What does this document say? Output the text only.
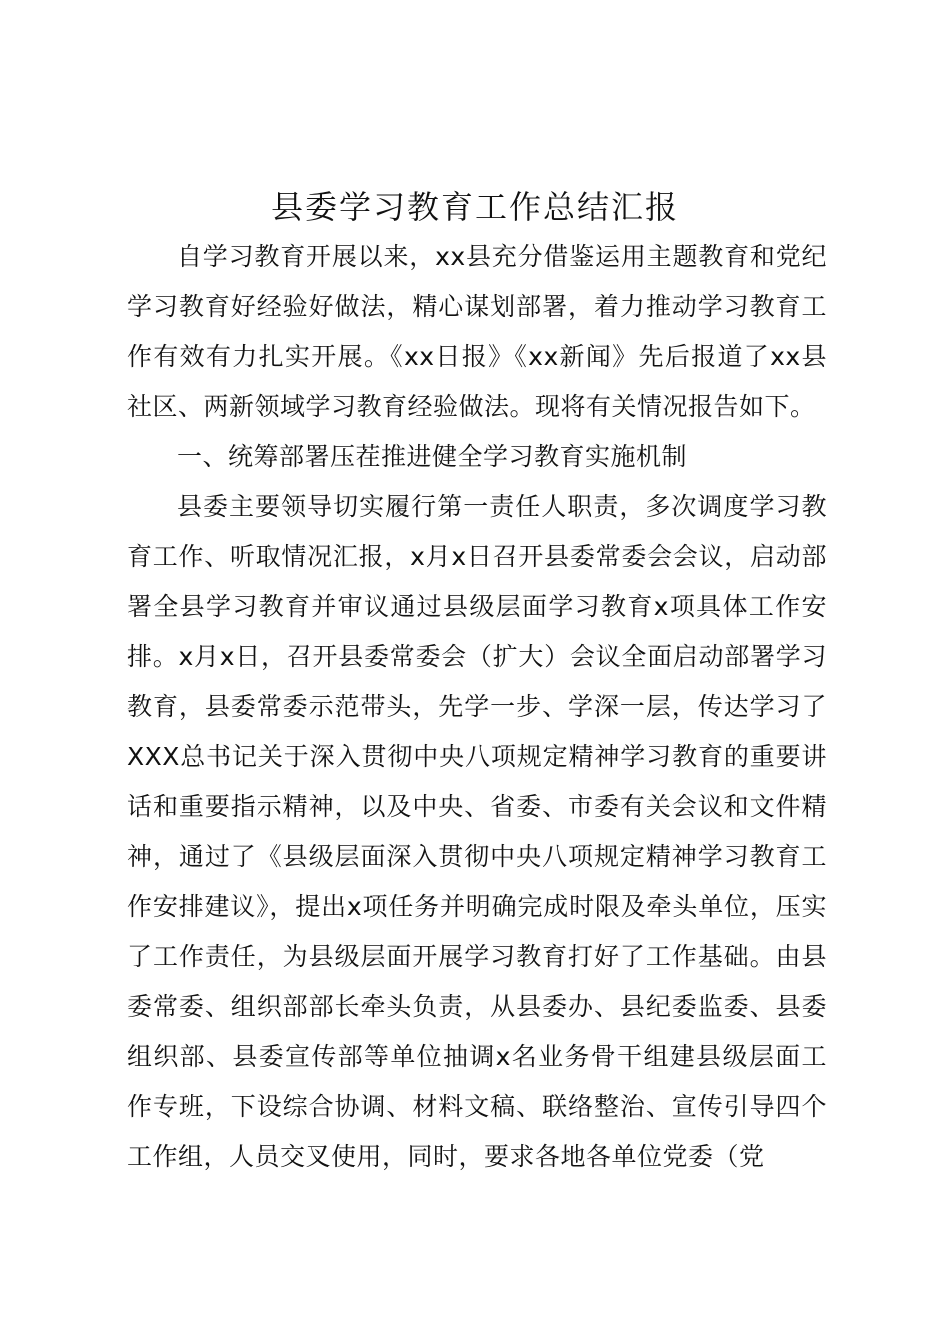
县委学习教育工作总结汇报

自学习教育开展以来，xx县充分借鉴运用主题教育和党纪学习教育好经验好做法，精心谋划部署，着力推动学习教育工作有效有力扎实开展。《xx日报》《xx新闻》先后报道了xx县社区、两新领域学习教育经验做法。现将有关情况报告如下。

一、统筹部署压茬推进健全学习教育实施机制

县委主要领导切实履行第一责任人职责，多次调度学习教育工作、听取情况汇报，x月x日召开县委常委会会议，启动部署全县学习教育并审议通过县级层面学习教育x项具体工作安排。x月x日，召开县委常委会（扩大）会议全面启动部署学习教育，县委常委示范带头，先学一步、学深一层，传达学习了XXX总书记关于深入贯彻中央八项规定精神学习教育的重要讲话和重要指示精神，以及中央、省委、市委有关会议和文件精神，通过了《县级层面深入贯彻中央八项规定精神学习教育工作安排建议》，提出x项任务并明确完成时限及牵头单位，压实了工作责任，为县级层面开展学习教育打好了工作基础。由县委常委、组织部部长牵头负责，从县委办、县纪委监委、县委组织部、县委宣传部等单位抽调x名业务骨干组建县级层面工作专班，下设综合协调、材料文稿、联络整治、宣传引导四个工作组，人员交叉使用，同时，要求各地各单位党委（党
